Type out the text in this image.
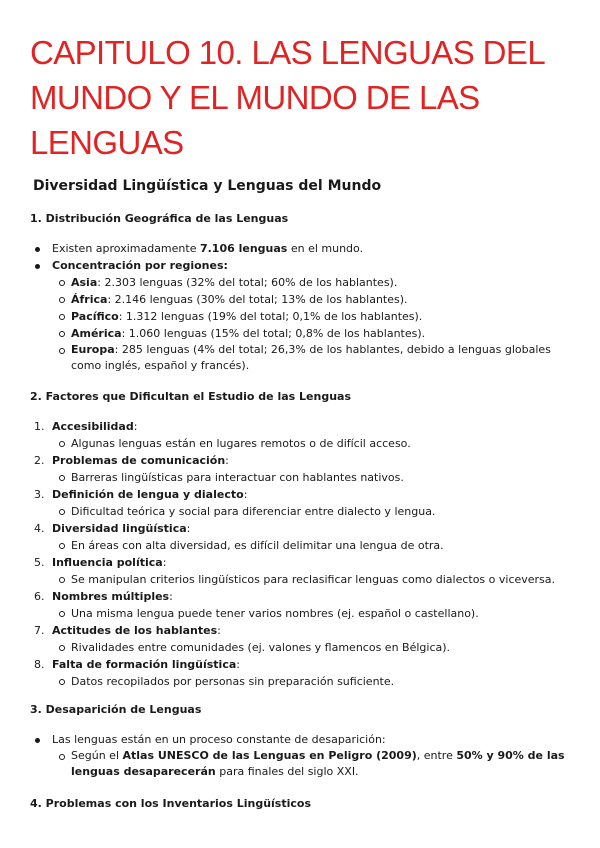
CAPITULO 10. LAS LENGUAS DEL MUNDO Y EL MUNDO DE LAS LENGUAS
Diversidad Lingüística y Lenguas del Mundo
1. Distribución Geográfica de las Lenguas
Existen aproximadamente 7.106 lenguas en el mundo.
Concentración por regiones:
Asia: 2.303 lenguas (32% del total; 60% de los hablantes).
África: 2.146 lenguas (30% del total; 13% de los hablantes).
Pacífico: 1.312 lenguas (19% del total; 0,1% de los hablantes).
América: 1.060 lenguas (15% del total; 0,8% de los hablantes).
Europa: 285 lenguas (4% del total; 26,3% de los hablantes, debido a lenguas globales como inglés, español y francés).
2. Factores que Dificultan el Estudio de las Lenguas
1. Accesibilidad:
Algunas lenguas están en lugares remotos o de difícil acceso.
2. Problemas de comunicación:
Barreras lingüísticas para interactuar con hablantes nativos.
3. Definición de lengua y dialecto:
Dificultad teórica y social para diferenciar entre dialecto y lengua.
4. Diversidad lingüística:
En áreas con alta diversidad, es difícil delimitar una lengua de otra.
5. Influencia política:
Se manipulan criterios lingüísticos para reclasificar lenguas como dialectos o viceversa.
6. Nombres múltiples:
Una misma lengua puede tener varios nombres (ej. español o castellano).
7. Actitudes de los hablantes:
Rivalidades entre comunidades (ej. valones y flamencos en Bélgica).
8. Falta de formación lingüística:
Datos recopilados por personas sin preparación suficiente.
3. Desaparición de Lenguas
Las lenguas están en un proceso constante de desaparición:
Según el Atlas UNESCO de las Lenguas en Peligro (2009), entre 50% y 90% de las lenguas desaparecerán para finales del siglo XXI.
4. Problemas con los Inventarios Lingüísticos
